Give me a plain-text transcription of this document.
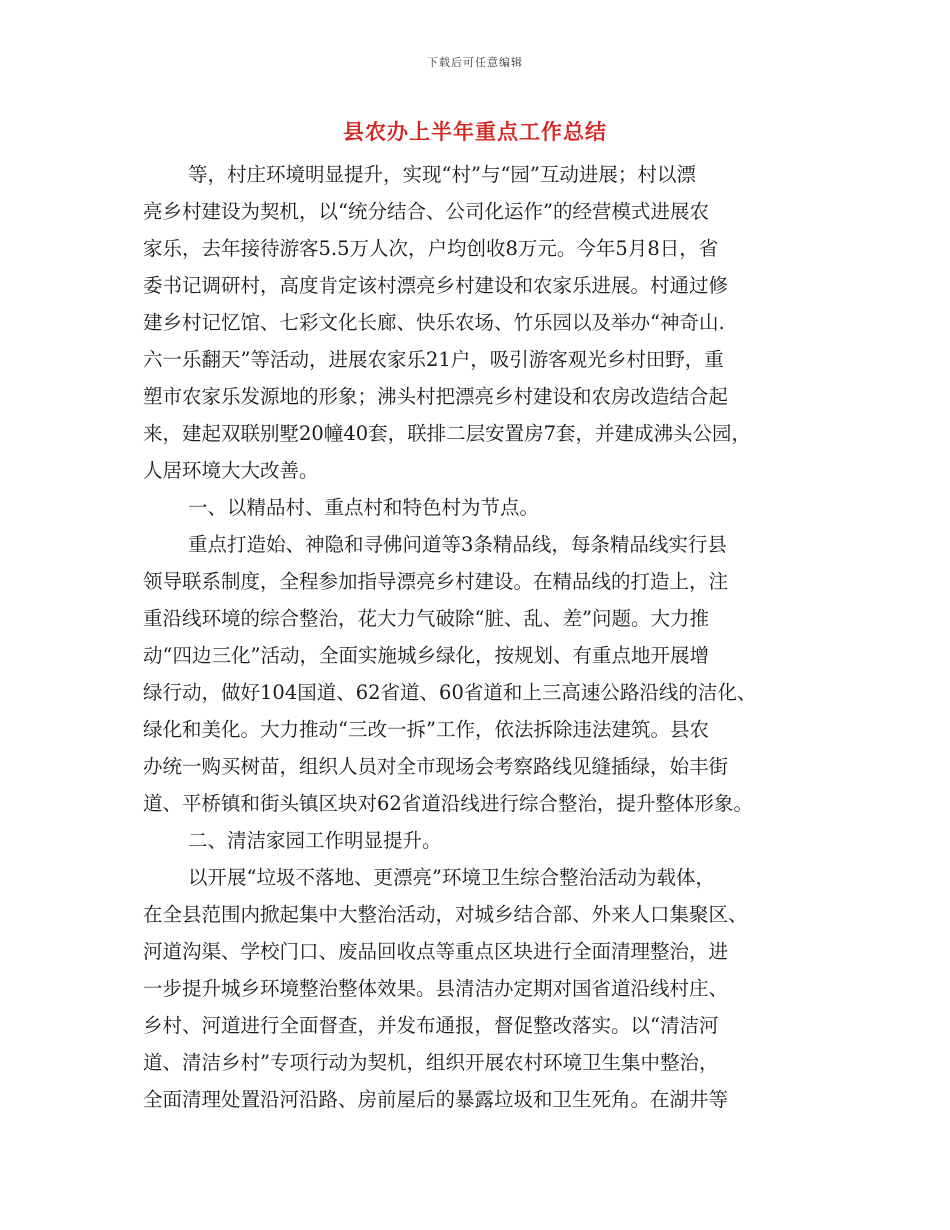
下载后可任意编辑
县农办上半年重点工作总结
等，村庄环境明显提升，实现“村”与“园”互动进展；村以漂
亮乡村建设为契机，以“统分结合、公司化运作”的经营模式进展农
家乐，去年接待游客5.5万人次，户均创收8万元。今年5月8日，省
委书记调研村，高度肯定该村漂亮乡村建设和农家乐进展。村通过修
建乡村记忆馆、七彩文化长廊、快乐农场、竹乐园以及举办“神奇山.
六一乐翻天”等活动，进展农家乐21户，吸引游客观光乡村田野，重
塑市农家乐发源地的形象；沸头村把漂亮乡村建设和农房改造结合起
来，建起双联别墅20幢40套，联排二层安置房7套，并建成沸头公园，
人居环境大大改善。
一、以精品村、重点村和特色村为节点。
重点打造始、神隐和寻佛问道等3条精品线，每条精品线实行县
领导联系制度，全程参加指导漂亮乡村建设。在精品线的打造上，注
重沿线环境的综合整治，花大力气破除“脏、乱、差”问题。大力推
动“四边三化”活动，全面实施城乡绿化，按规划、有重点地开展增
绿行动，做好104国道、62省道、60省道和上三高速公路沿线的洁化、
绿化和美化。大力推动“三改一拆”工作，依法拆除违法建筑。县农
办统一购买树苗，组织人员对全市现场会考察路线见缝插绿，始丰街
道、平桥镇和街头镇区块对62省道沿线进行综合整治，提升整体形象。
二、清洁家园工作明显提升。
以开展“垃圾不落地、更漂亮”环境卫生综合整治活动为载体，
在全县范围内掀起集中大整治活动，对城乡结合部、外来人口集聚区、
河道沟渠、学校门口、废品回收点等重点区块进行全面清理整治，进
一步提升城乡环境整治整体效果。县清洁办定期对国省道沿线村庄、
乡村、河道进行全面督查，并发布通报，督促整改落实。以“清洁河
道、清洁乡村”专项行动为契机，组织开展农村环境卫生集中整治，
全面清理处置沿河沿路、房前屋后的暴露垃圾和卫生死角。在湖井等
